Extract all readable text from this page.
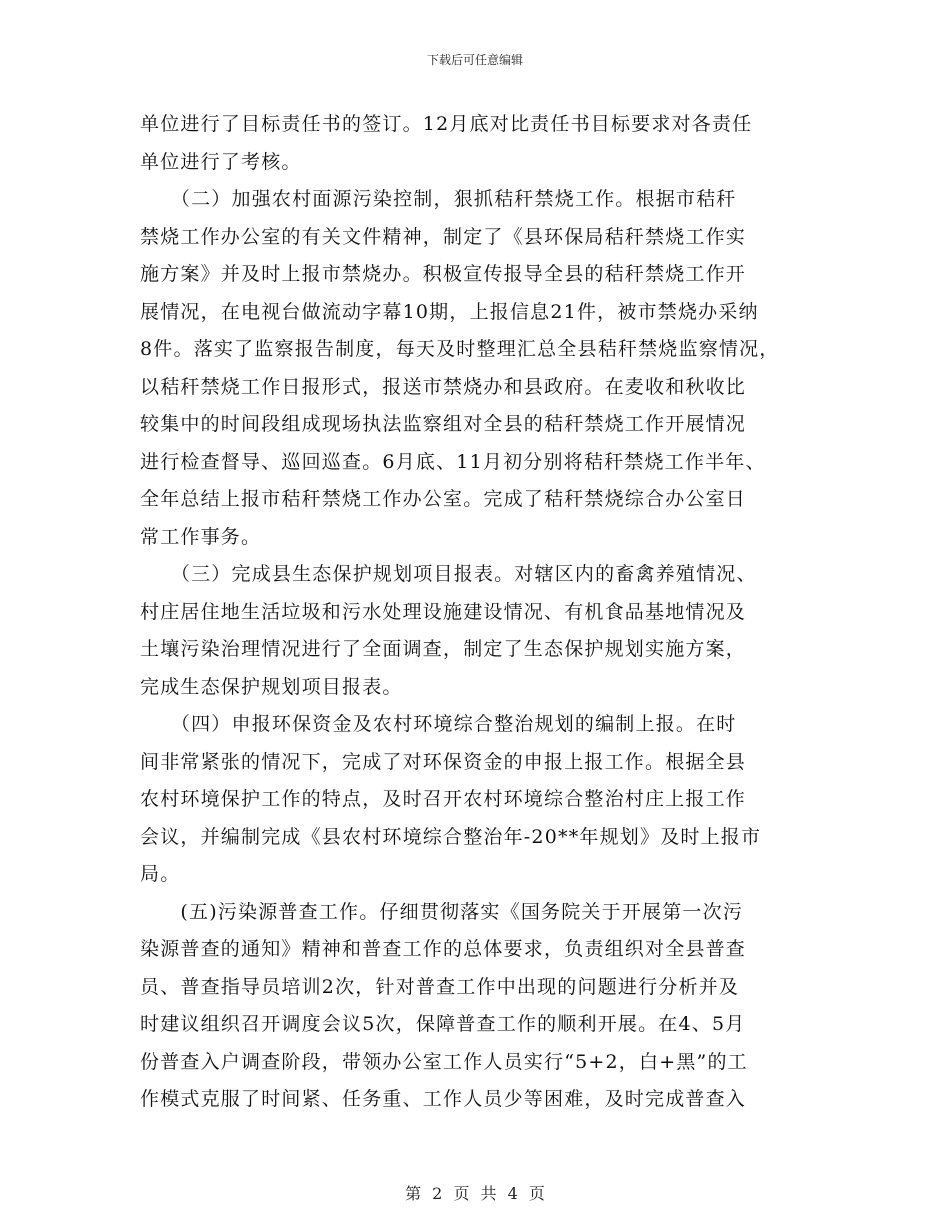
下载后可任意编辑
单位进行了目标责任书的签订。12月底对比责任书目标要求对各责任
单位进行了考核。
　　（二）加强农村面源污染控制，狠抓秸秆禁烧工作。根据市秸秆
禁烧工作办公室的有关文件精神，制定了《县环保局秸秆禁烧工作实
施方案》并及时上报市禁烧办。积极宣传报导全县的秸秆禁烧工作开
展情况，在电视台做流动字幕10期，上报信息21件，被市禁烧办采纳
8件。落实了监察报告制度，每天及时整理汇总全县秸秆禁烧监察情况，
以秸秆禁烧工作日报形式，报送市禁烧办和县政府。在麦收和秋收比
较集中的时间段组成现场执法监察组对全县的秸秆禁烧工作开展情况
进行检查督导、巡回巡查。6月底、11月初分别将秸秆禁烧工作半年、
全年总结上报市秸秆禁烧工作办公室。完成了秸秆禁烧综合办公室日
常工作事务。
　　（三）完成县生态保护规划项目报表。对辖区内的畜禽养殖情况、
村庄居住地生活垃圾和污水处理设施建设情况、有机食品基地情况及
土壤污染治理情况进行了全面调查，制定了生态保护规划实施方案，
完成生态保护规划项目报表。
　　（四）申报环保资金及农村环境综合整治规划的编制上报。在时
间非常紧张的情况下，完成了对环保资金的申报上报工作。根据全县
农村环境保护工作的特点，及时召开农村环境综合整治村庄上报工作
会议，并编制完成《县农村环境综合整治年-20**年规划》及时上报市
局。
　　(五)污染源普查工作。仔细贯彻落实《国务院关于开展第一次污
染源普查的通知》精神和普查工作的总体要求，负责组织对全县普查
员、普查指导员培训2次，针对普查工作中出现的问题进行分析并及
时建议组织召开调度会议5次，保障普查工作的顺利开展。在4、5月
份普查入户调查阶段，带领办公室工作人员实行“5+2，白+黑”的工
作模式克服了时间紧、任务重、工作人员少等困难，及时完成普查入
第 2 页 共 4 页
